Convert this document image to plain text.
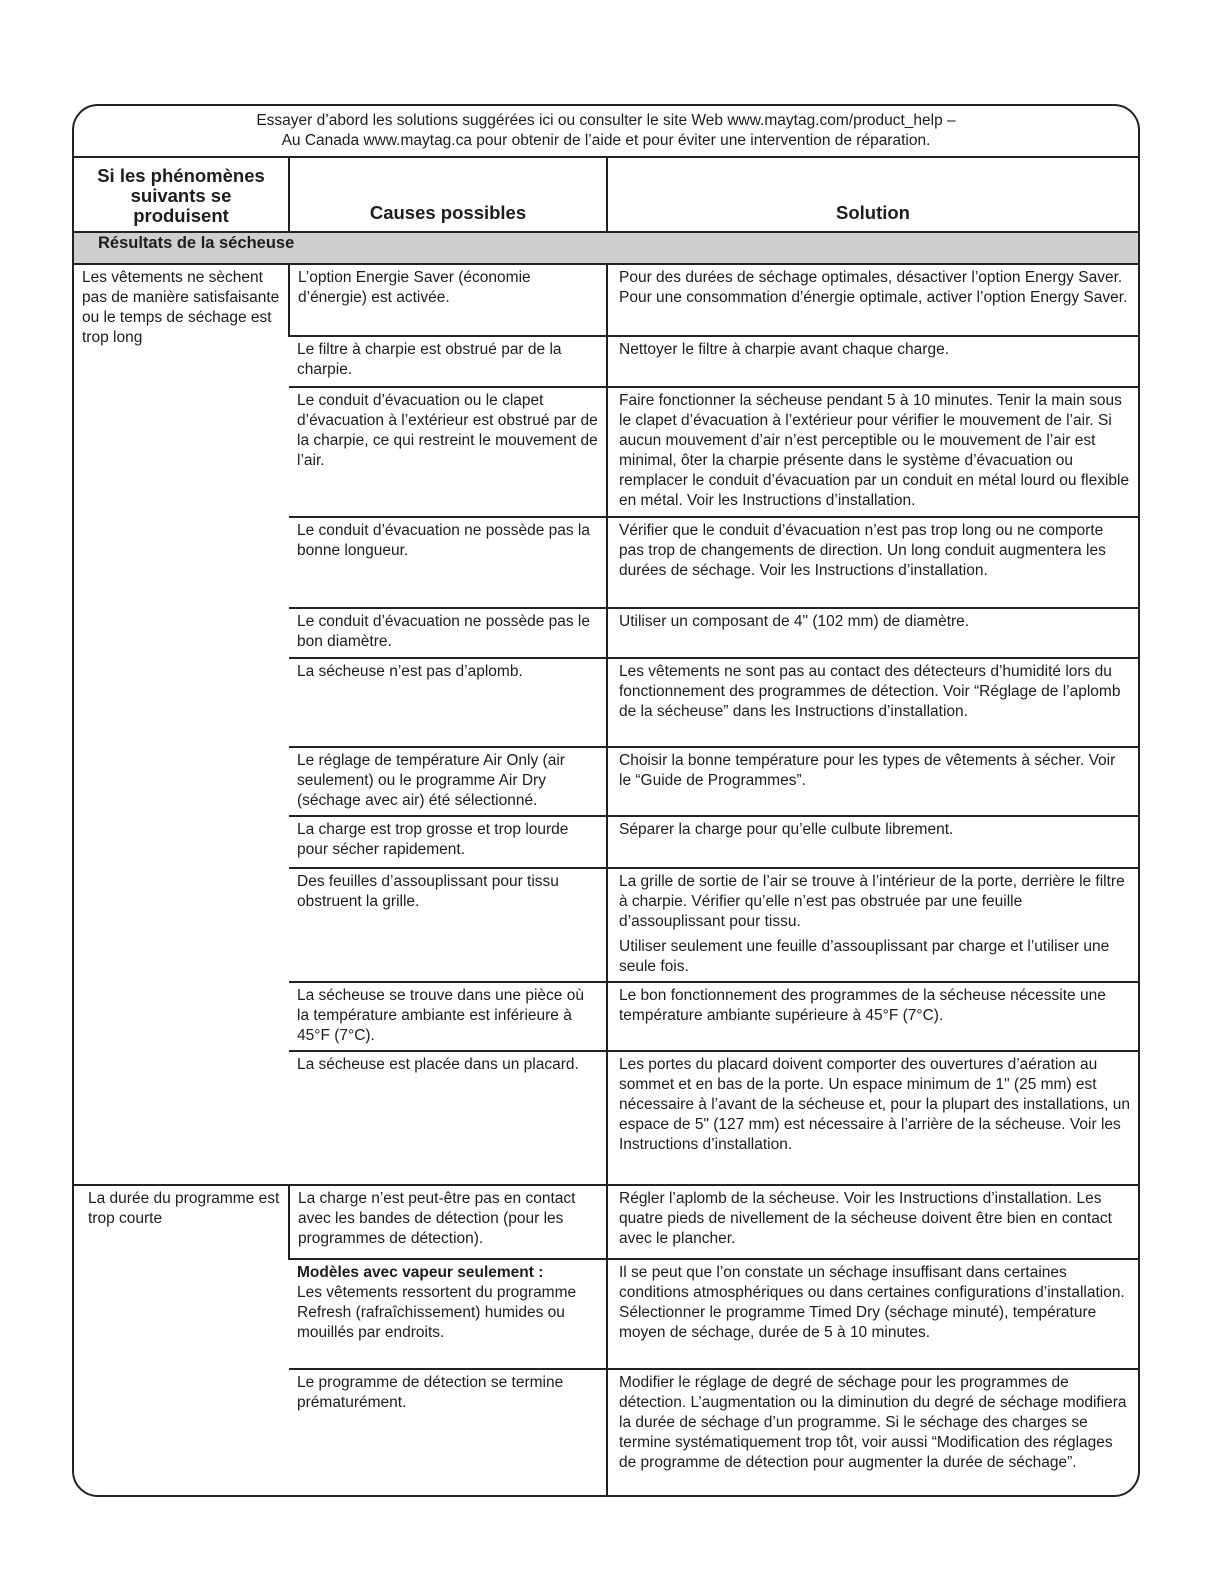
Essayer d’abord les solutions suggérées ici ou consulter le site Web www.maytag.com/product_help –
Au Canada www.maytag.ca pour obtenir de l’aide et pour éviter une intervention de réparation.
Si les phénomènes
suivants se
produisent	Causes possibles	Solution
Résultats de la sécheuse		
Les vêtements ne sèchent pas de manière satisfaisante ou le temps de séchage est trop long	L’option Energie Saver (économie d’énergie) est activée.	Pour des durées de séchage optimales, désactiver l’option Energy Saver. Pour une consommation d’énergie optimale, activer l’option Energy Saver.

	Le filtre à charpie est obstrué par de la charpie.	Nettoyer le filtre à charpie avant chaque charge.

	Le conduit d’évacuation ou le clapet d’évacuation à l’extérieur est obstrué par de la charpie, ce qui restreint le mouvement de l’air.	Faire fonctionner la sécheuse pendant 5 à 10 minutes. Tenir la main sous le clapet d’évacuation à l’extérieur pour vérifier le mouvement de l’air. Si aucun mouvement d’air n’est perceptible ou le mouvement de l’air est minimal, ôter la charpie présente dans le système d’évacuation ou remplacer le conduit d’évacuation par un conduit en métal lourd ou flexible en métal. Voir les Instructions d’installation.

	Le conduit d’évacuation ne possède pas la bonne longueur.	Vérifier que le conduit d’évacuation n’est pas trop long ou ne comporte pas trop de changements de direction. Un long conduit augmentera les durées de séchage. Voir les Instructions d’installation.

	Le conduit d’évacuation ne possède pas le bon diamètre.	Utiliser un composant de 4" (102 mm) de diamètre.

	La sécheuse n’est pas d’aplomb.	Les vêtements ne sont pas au contact des détecteurs d’humidité lors du fonctionnement des programmes de détection. Voir “Réglage de l’aplomb de la sécheuse” dans les Instructions d’installation.

	Le réglage de température Air Only (air seulement) ou le programme Air Dry (séchage avec air) été sélectionné.	Choisir la bonne température pour les types de vêtements à sécher. Voir le “Guide de Programmes”.

	La charge est trop grosse et trop lourde pour sécher rapidement.	Séparer la charge pour qu’elle culbute librement.

	Des feuilles d’assouplissant pour tissu obstruent la grille.	La grille de sortie de l’air se trouve à l’intérieur de la porte, derrière le filtre à charpie. Vérifier qu’elle n’est pas obstruée par une feuille d’assouplissant pour tissu.

Utiliser seulement une feuille d’assouplissant par charge et l’utiliser une seule fois.

	La sécheuse se trouve dans une pièce où la température ambiante est inférieure à 45°F (7°C).	Le bon fonctionnement des programmes de la sécheuse nécessite une température ambiante supérieure à 45°F (7°C).

	La sécheuse est placée dans un placard.	Les portes du placard doivent comporter des ouvertures d’aération au sommet et en bas de la porte. Un espace minimum de 1" (25 mm) est nécessaire à l’avant de la sécheuse et, pour la plupart des installations, un espace de 5" (127 mm) est nécessaire à l’arrière de la sécheuse. Voir les Instructions d’installation.

La durée du programme est trop courte	La charge n’est peut-être pas en contact avec les bandes de détection (pour les programmes de détection).	Régler l’aplomb de la sécheuse. Voir les Instructions d’installation. Les quatre pieds de nivellement de la sécheuse doivent être bien en contact avec le plancher.

	Modèles avec vapeur seulement :
Les vêtements ressortent du programme Refresh (rafraîchissement) humides ou mouillés par endroits.	Il se peut que l’on constate un séchage insuffisant dans certaines conditions atmosphériques ou dans certaines configurations d’installation. Sélectionner le programme Timed Dry (séchage minuté), température moyen de séchage, durée de 5 à 10 minutes.

	Le programme de détection se termine prématurément.	Modifier le réglage de degré de séchage pour les programmes de détection. L’augmentation ou la diminution du degré de séchage modifiera la durée de séchage d’un programme. Si le séchage des charges se termine systématiquement trop tôt, voir aussi “Modification des réglages de programme de détection pour augmenter la durée de séchage”.
